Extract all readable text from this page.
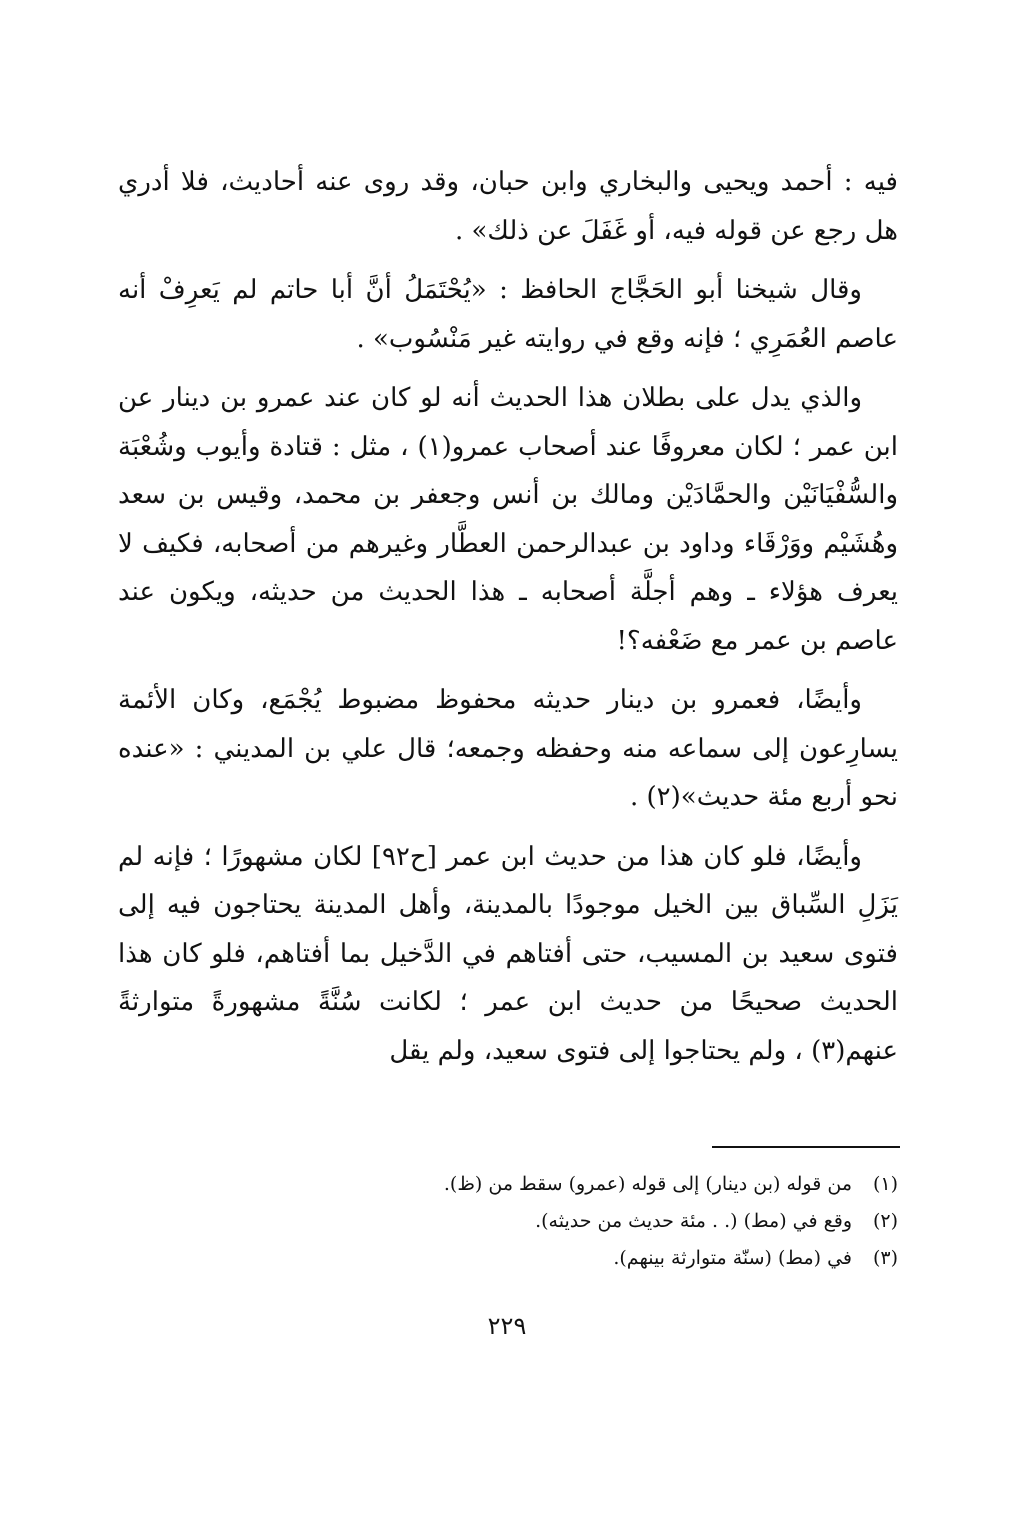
فيه : أحمد ويحيى والبخاري وابن حبان، وقد روى عنه أحاديث، فلا أدري هل رجع عن قوله فيه، أو غَفَلَ عن ذلك» .

وقال شيخنا أبو الحَجَّاج الحافظ : «يُحْتَمَلُ أنَّ أبا حاتم لم يَعرِفْ أنه عاصم العُمَرِي ؛ فإنه وقع في روايته غير مَنْسُوب» .

والذي يدل على بطلان هذا الحديث أنه لو كان عند عمرو بن دينار عن ابن عمر ؛ لكان معروفًا عند أصحاب عمرو(١) ، مثل : قتادة وأيوب وشُعْبَة والسُّفْيَانَيْن والحمَّادَيْن ومالك بن أنس وجعفر بن محمد، وقيس بن سعد وهُشَيْم ووَرْقَاء وداود بن عبدالرحمن العطَّار وغيرهم من أصحابه، فكيف لا يعرف هؤلاء ـ وهم أجلَّة أصحابه ـ هذا الحديث من حديثه، ويكون عند عاصم بن عمر مع ضَعْفه؟!

وأيضًا، فعمرو بن دينار حديثه محفوظ مضبوط يُجْمَع، وكان الأئمة يسارِعون إلى سماعه منه وحفظه وجمعه؛ قال علي بن المديني : «عنده نحو أربع مئة حديث»(٢) .

وأيضًا، فلو كان هذا من حديث ابن عمر [ح٩٢] لكان مشهورًا ؛ فإنه لم يَزَلِ السِّباق بين الخيل موجودًا بالمدينة، وأهل المدينة يحتاجون فيه إلى فتوى سعيد بن المسيب، حتى أفتاهم في الدَّخيل بما أفتاهم، فلو كان هذا الحديث صحيحًا من حديث ابن عمر ؛ لكانت سُنَّةً مشهورةً متوارثةً عنهم(٣) ، ولم يحتاجوا إلى فتوى سعيد، ولم يقل

(١)
من قوله (بن دينار) إلى قوله (عمرو) سقط من (ظ).
(٢)
وقع في (مط) (. . مئة حديث من حديثه).
(٣)
في (مط) (سنّة متوارثة بينهم).
٢٢٩
